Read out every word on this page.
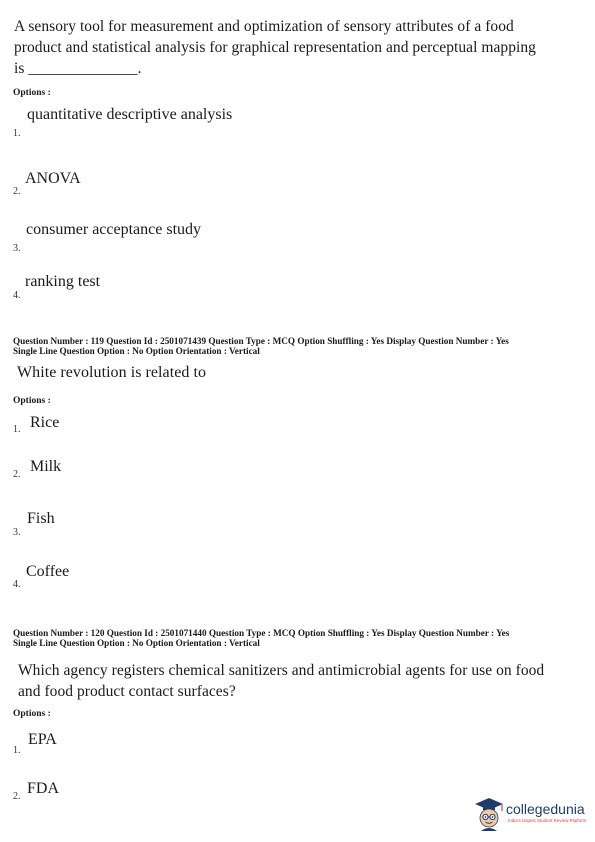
A sensory tool for measurement and optimization of sensory attributes of a food
product and statistical analysis for graphical representation and perceptual mapping
is ______________.
Options :
quantitative descriptive analysis
1.
ANOVA
2.
consumer acceptance study
3.
ranking test
4.
Question Number : 119 Question Id : 2501071439 Question Type : MCQ Option Shuffling : Yes Display Question Number : Yes
Single Line Question Option : No Option Orientation : Vertical
White revolution is related to
Options :
Rice
1.
Milk
2.
Fish
3.
Coffee
4.
Question Number : 120 Question Id : 2501071440 Question Type : MCQ Option Shuffling : Yes Display Question Number : Yes
Single Line Question Option : No Option Orientation : Vertical
Which agency registers chemical sanitizers and antimicrobial agents for use on food
and food product contact surfaces?
Options :
EPA
1.
FDA
2.
collegedunia
India's largest Student Review Platform
